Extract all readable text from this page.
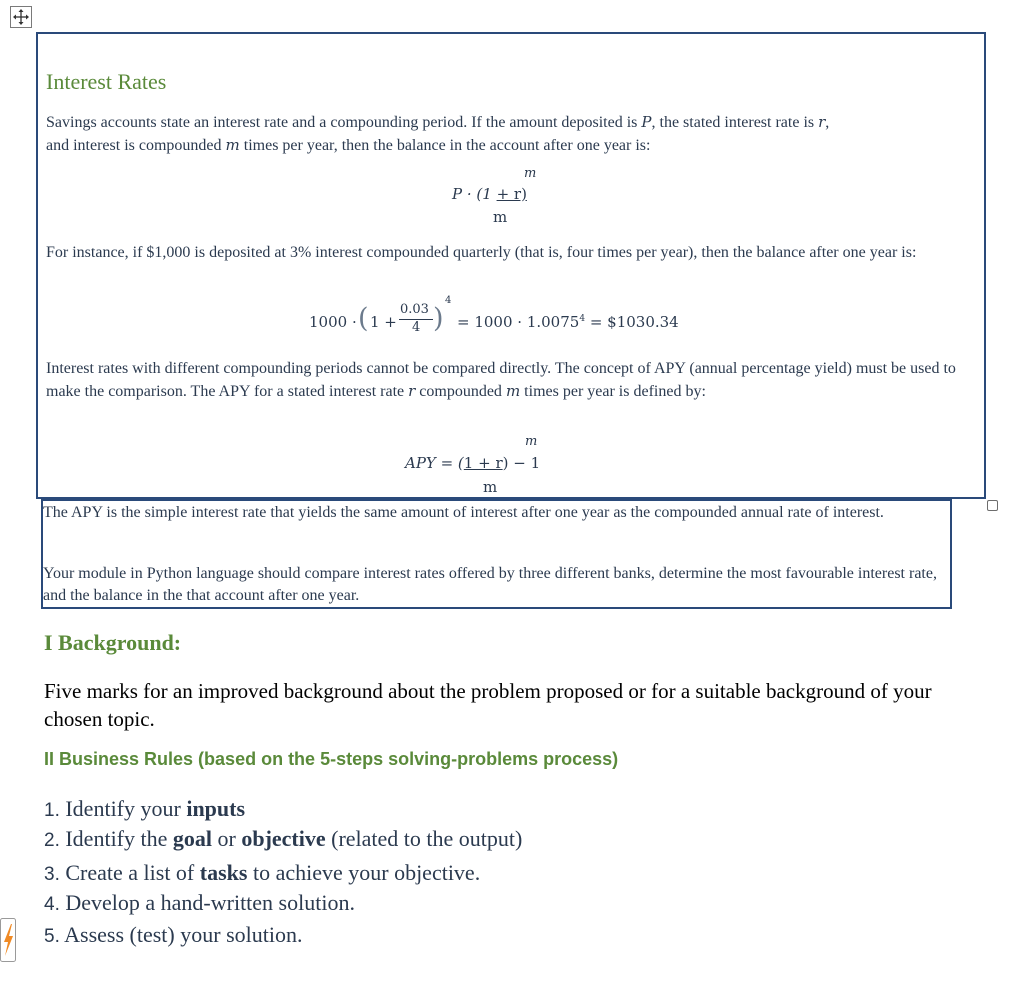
Interest Rates
Savings accounts state an interest rate and a compounding period. If the amount deposited is P, the stated interest rate is r,
and interest is compounded m times per year, then the balance in the account after one year is:
m
P · (1 + r)
m
For instance, if $1,000 is deposited at 3% interest compounded quarterly (that is, four times per year), then the balance after one year is:
1000 · ( 1 +
0.03
4 )
4
= $1000 \cdot 1.0075^4$ = $1030.34
Interest rates with different compounding periods cannot be compared directly. The concept of APY (annual percentage yield) must be used to make the comparison. The APY for a stated interest rate r compounded m times per year is defined by:
m
APY = (1 + r) − 1
m
The APY is the simple interest rate that yields the same amount of interest after one year as the compounded annual rate of interest.
Your module in Python language should compare interest rates offered by three different banks, determine the most favourable interest rate, and the balance in the that account after one year.
I Background:
Five marks for an improved background about the problem proposed or for a suitable background of your chosen topic.
II Business Rules (based on the 5-steps solving-problems process)
1. Identify your inputs
2. Identify the goal or objective (related to the output)
3. Create a list of tasks to achieve your objective.
4. Develop a hand-written solution.
5. Assess (test) your solution.
